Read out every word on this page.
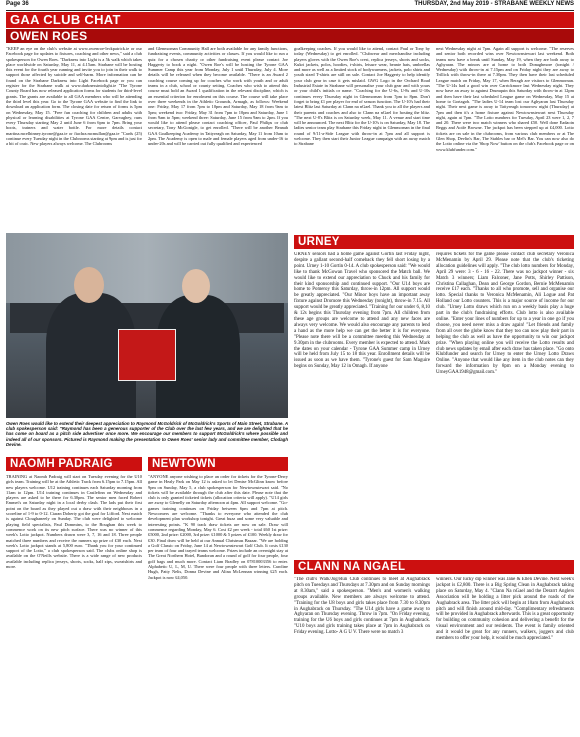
Page 36	THURSDAY, 2nd May 2019 - STRABANE WEEKLY NEWS
GAA CLUB CHAT
OWEN ROES

"KEEP an eye on the club's website at www.owenroe-leckpatrick.ie or our Facebook page for updates to fixtures, coaching and other news," said a club spokesperson for Owen Roes. "Darkness into Light is a 5k walk which takes place worldwide on Saturday, May 11, at 4.15am. Strabane will be hosting this event for the fourth year running and invite you to join in their walk to support those affected by suicide and self-harm. More information can be found on the Strabane Darkness into Light Facebook page or you can register for the Strabane walk at www.darknessintolight.ie "The Tyrone County Board has now released application forms for students for third-level grants. The grants are available to all GAA members who will be attending the third level this year. Go to the Tyrone GAA website to find the link to download an application form. The closing date for return of forms is 5pm on Wednesday, May 15. "Free fun coaching for children and adults with physical or learning disabilities at Tyrone GAA Centre, Garvaghey, runs every Thursday starting May 2 until June 6 from 6pm to 7pm. Bring your boots, trainers and water bottle. For more details contact martina.mcelhinney.tyrone@gaa.ie or fiachra.mcmullan@gaa.ie "Cards (25) continue every Tuesday night in the Clubrooms starting at 9pm and is just for a bit of craic. New players always welcome. The Clubrooms

and Glenmornan Community Hall are both available for any family functions, fundraising events, community activities or classes. If you would like to run a quiz for a chosen charity or other fundraising event please contact Joe Haggerty to book a night. "Owen Roe's will be hosting the Tyrone GAA Summer Camp this year from Monday, July 1 until Thursday, July 4. More details will be released when they become available. "There is an Award 2 coaching course coming up for coaches who work with youth and or adult teams in a club, school or county setting. Coaches who wish to attend this course must hold an Award 1 qualification in the relevant discipline, which is an essential criterion for enrolment on this course. The course will take place over three weekends in the Athletic Grounds, Armagh, as follows: Weekend one: Friday, May 17 from 7pm to 10pm and Saturday, May 18 from 9am to 5pm; weekend two: Friday, May 31 from 7pm to 10pm and Saturday, June 1 from 9am to 5pm; weekend three: Saturday, June 15 from 9am to 2pm. If you would like to attend please contact coaching officer, Paul Philips or club secretary, Tony McGonigle, to get enrolled. "There will be another Beanah GAA Goalkeeping Academy in Tattyreagh on Saturday, May 11 from 10am to 2pm. The Academy is open to male and female players aged from under-16 to under-20s and will be carried out fully qualified and experienced

goalkeeping coaches. If you would like to attend, contact Paul or Tony by today (Wednesday) to get enrolled. "Clubwear and merchandise including players gloves with the Owen Roe's crest, replica jerseys, shorts and socks, Kukri jackets, polos, hoodies, t-shirts, leisure wear, beanie hats, umbrellas and more as well as a limited stock of bodywarmers, jackets, polo shirts and youth sized T-shirts are still on sale. Contact Joe Haggerty to help identify your club gear in case it gets mislaid. GWG Logo in the Orchard Road Industrial Estate in Strabane will personalise your club gear and with yours or your child's initials or name. "Coaching for the U-6s, U-8s and U-10s continues every Thursday night in Glenmornan from 7pm to 8pm. Don't forget to bring £1 per player for end of season function. The U-10's had their latest Blitz last Saturday at Clann na nGael. Thank you to all the players and their parents and coaches and also to Clann na nGael for hosting the blitz. "The next U-8's Blitz is on Saturday week, May 11. A venue and start time will be announced. The next Blitz for the U-10's is on Saturday, May 18. The ladies senior team play Strabane this Friday night in Glenmornan in the final round of 9/11-a-Side League with throw-in at 7pm and all support is welcome. They then start their Junior League campaign with an away match to Strabane

next Wednesday night at 7pm. Again all support is welcome. "The reserves and senior both recorded wins over Newtownstewart last weekend. Both teams now have a break until Sunday, May 19, when they are both away to Aghyaran. The minors are at home to both Donaghmore (tonight / Wednesday) with throw-in at 7.15pm and on Friday night they are away to Trillick with throw-in there at 7.30pm. They then have their last scheduled League match on Friday, May 17, when Beragh are visitors to Glenmornan. "The U-14s had a good win over Carrickmore last Wednesday night. They now have an away to against Drumquin this Saturday with throw-in at 12pm and then have their last scheduled League game on Wednesday, May 15 at home to Gortagob. "The ladies U-14 team lost our Aghyaran last Thursday night. Their next game is away to Tattyreagh tomorrow night (Thursday) at 7pm and then it's a home fixture against Newtownstewart next Thursday night, again at 7pm. "The Lotto numbers for Tuesday, April 23 were 1, 2, 7 and 20. There were two match winners who shared £50. Well done Eadaoin Beggs and Aoife Browne. The jackpot has been stepped up at £4,000. Lotto tickets are on sale in the clubrooms, from various club members or at The Glen Shop, Devlin's Bar, The Stables bar or Mel's Bar. You can now also do the Lotto online via the 'Shop Now' button on the club's Facebook page or on www.klubfunder.com."

Owen Roes would like to extend their deepest appreciation to Raymond McGoldrick of McGoldrick's Sports of Main Street, Strabane. A club spokesperson said: "Raymond has been a generous supporter of the Club over the last few years, and we are delighted that he has come on board as a pitch side advertiser once more. We encourage our members to support McGoldrick's where possible and indeed all of our sponsors. Pictured is Raymond making the presentation to Owen Roes' senior lady and committee member, Clodagh Devine.
URNEY

URNEY seniors had a home game against Gortin last Friday night, despite a gallant second-half comeback they fell short losing by a point. Urney 1-10 Gortin 0-14. A club spokesperson said: "We would like to thank McGowan Travel who sponsored the Match ball. We would like to extend our appreciation to Chuck and his family for their kind sponsorship and continued support. "Our U14 boys are home to Pomeroy this Saturday, throw-in 12pm. All support would be greatly appreciated. "Our Minor boys have an important away fixture against Dromore this Wednesday (tonight), throw-in 7.15. All support would be greatly appreciated. "Training for our under 6, 8,10 & 12s begins this Thursday evening from 7pm. All children from these age groups are welcome to attend and any new faces are always very welcome. We would also encourage any parents to lend a hand as the more help we can get the better it is for everyone. "Please note there will be a committee meeting this Wednesday at 9.30pm in the clubrooms. Every member is expected to attend. Mark the dates on your calendar - Tyrone GAA Summer camp in Urney will be held from July 15 to 18 this year. Enrollment details will be issued as soon as we have them. "Tyrone's guest for Sam Maguire begins on Sunday, May 12 in Omagh. If anyone

requires tickets for the game please contact club secretary Veronica McMenamin by April 29. Please note that the club's ticketing allocation guidelines will apply. "The club lotto numbers for Monday, April 29 were: 3 - 6 - 16 - 22. There was no jackpot winner - six Match 3 winners; Liam Falconer, Jane Potts, Shirley Pattison, Christina Callaghan, Dean and George Gordon, Bernie McMenamin receive £17 each. "Thanks to all who promote, sell and organise our lotto. Special thanks to Veronica McMenamin, Ali Logue and Pat Holland our Lotto counters. This is a major source of income for our club. "Urney Lotto draws which run on a weekly basis play a huge part in the club's fundraising efforts. Club lotto is also available online. "Enter your lines of numbers for up to a year in one go if you choose, you need never miss a draw again! "Let friends and family from all over the globe know that they too can now play their part in helping the club as well as have the opportunity to win our jackpot prize. "When playing online you will receive the Lotto results and club news updates by email after each draw has taken place. "Go onto Klubfunder and search for Urney to enter the Urney Lotto Draws Online. "Anyone that would like any item in the club notes can they forward the information by 8pm on a Monday evening to UrneyGAA1948@gmail.com."

NAOMH PADRAIG

TRAINING at Naomh Padraig will start on Tuesday evening for the U10 girls team. Training will be at the Athletic Track from 6.15pm to 7.15pm. All new players welcome. U12 training continues each Saturday morning from 11am to 12pm. U14 training continues in Castlefinn on Wednesday and players are asked to be there for 6.30pm. The senior men faced Robert Emmet's on Saturday night in a local derby clash. The lads put their first point on the board as they played out a draw with their neighbours in a scoreline of 1-9 to 0-12. Ciaran Doherty got the goal for Lifford. Next match is against Cloughaneely on Sunday. The club were delighted to welcome playing field specialists, Paul Dommins, to the Boughan this week to commence work on its new pitch surface. There was no winner of this week's Lotto jackpot. Numbers drawn were 3, 7, 16 and 18. Three people matched three numbers and receive the runners up prize of £30 each. Next week's Lotto jackpot stands at 5,800 euro. "Thank you for your continued support of the Lotto," a club spokesperson said. The clubs online shop is available on the O'Neills website. There is a wide range of new products available including replica jerseys, shorts, socks, half zips, sweatshirts and more.

NEWTOWN

"ANYONE anyone wishing to place an order for tickets for the Tyrone-Derry game in Healy Park on May 12 is asked to let Denise McGlinn know before 9pm on Sunday, May 5, a club spokesperson for Newtownstewart said. "No tickets will be available through the club after this date. Please note that the club is only granted ticketed tickets (allocation criteria will apply). "U14 girls are away to Glenelly on Saturday afternoon at 4pm. All support welcome. "Go-games training continues on Friday between 6pm and 7pm at pitch. Newcomers are welcome. "Thanks to everyone who attended the club development plan workshop tonight. Great buzz and some very valuable and interesting points. "K 90 track draw tickets are now on sale. Draw will commence regarding Monday, May 6. Cost £2 per week - total £60 1st prize: £5000, 2nd prize: £2000, 3rd prize: £1000 & 5 prizes of £100. Weekly draw for £30. Final draw will be held at our Annual Christmas Bazaar. "We are holding a Golf Classic on Friday, June 14 at Newtownstewart Golf Club. It costs £130 per team of four and trayed teams welcome. Prizes include an overnight stay at The Great Northern Hotel, Bundoran and a round of golf for four people, four golf bags and much more. Contact Liam Bradley on 07810003356 to enter. Alphabetic U, L, M, U. There were four people with three letters. Caroline Hugh, Patty Nelis, Donna Devine and Alina McLennan winning £25 each. Jackpot is now £4,050.

CLANN NA NGAEL

"The club's Walk/Jog/Run Club continues to meet at Aughabrack pitch on Tuesdays and Thursdays at 7.30pm and on Sunday mornings at 8.30am," said a spokesperson. "Men's and women's walking groups available. New members are always welcome to attend. "Training for the U8 boys and girls takes place from 7.30 to 8.30pm in Aughabrack on Thursday. "The U14 girls have a game away to Aghyaran on Thursday evening. Throw in 7pm. "On Friday evening, training for the U6 boys and girls continues at 7pm in Aughabrack. "U10 boys and girls training takes place at 7pm in Aughabrack on Friday evening. Lotto- A G U V. There were no match 3

winners. Our lucky dip winner was Jane & Ellen Devine. Next week's jackpot is £2,800. There is a Big Spring Clean in Aughabrack taking place on Saturday, May 4. "Clann Na nGael and the Derarrt Anglers Association will be holding a litter pick around the roads of the Aughabrack area. The litter pick will begin at 10am from Aughabrack pitch and will finish around mid-day. "Complimentary refreshments will be provided in Aughabrack afterwards. This is a great opportunity for building on community cohesion and delivering a benefit for the visual environment and our residents. The event is family oriented and it would be great for any runners, walkers, joggers and club members to offer your help, it would be much appreciated."
